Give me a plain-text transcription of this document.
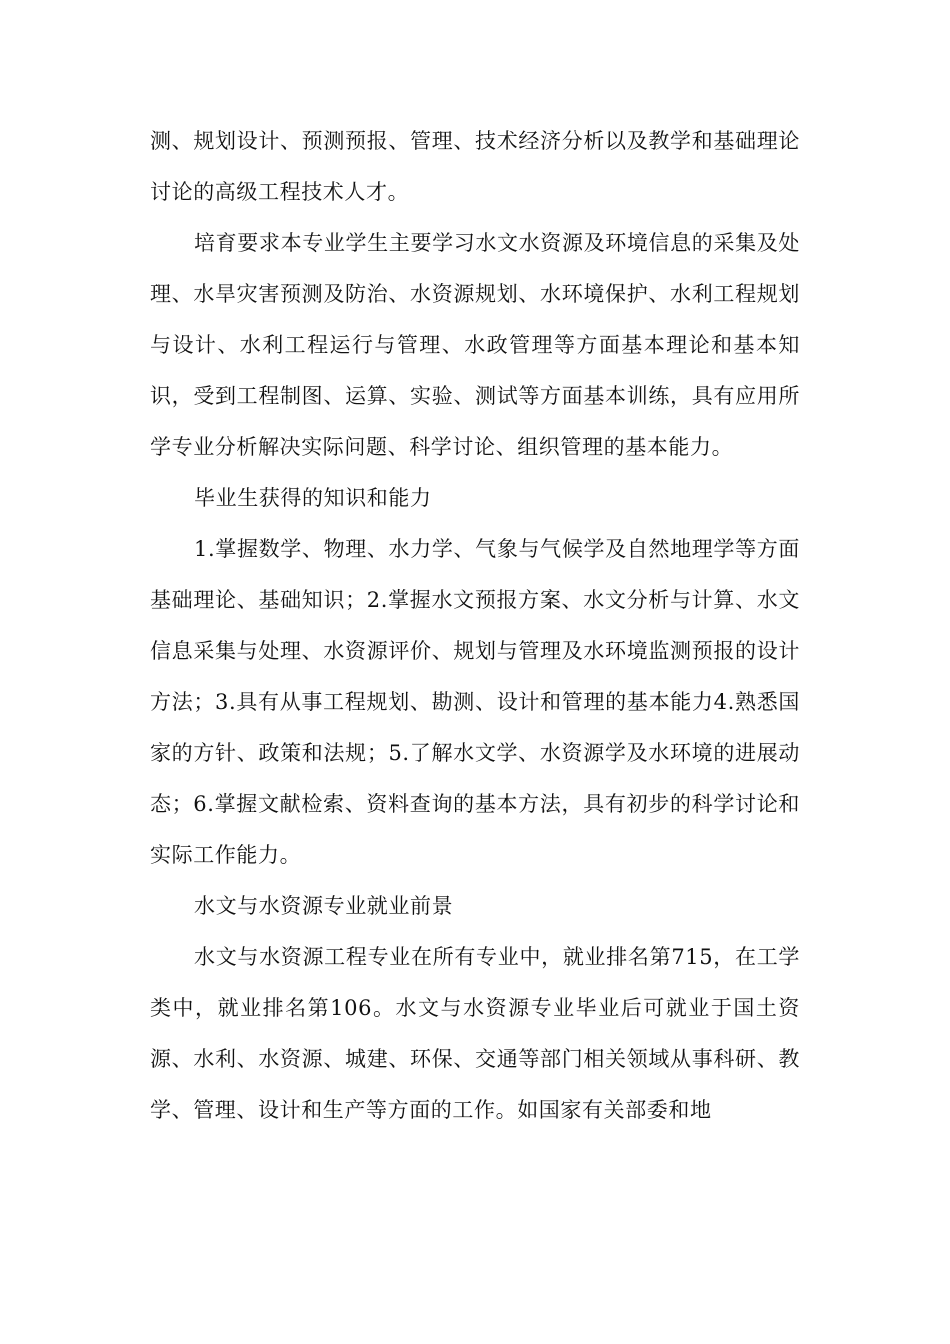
测、规划设计、预测预报、管理、技术经济分析以及教学和基础理论讨论的高级工程技术人才。

培育要求本专业学生主要学习水文水资源及环境信息的采集及处理、水旱灾害预测及防治、水资源规划、水环境保护、水利工程规划与设计、水利工程运行与管理、水政管理等方面基本理论和基本知识，受到工程制图、运算、实验、测试等方面基本训练，具有应用所学专业分析解决实际问题、科学讨论、组织管理的基本能力。

毕业生获得的知识和能力

1.掌握数学、物理、水力学、气象与气候学及自然地理学等方面基础理论、基础知识；2.掌握水文预报方案、水文分析与计算、水文信息采集与处理、水资源评价、规划与管理及水环境监测预报的设计方法；3.具有从事工程规划、勘测、设计和管理的基本能力4.熟悉国家的方针、政策和法规；5.了解水文学、水资源学及水环境的进展动态；6.掌握文献检索、资料查询的基本方法，具有初步的科学讨论和实际工作能力。

水文与水资源专业就业前景

水文与水资源工程专业在所有专业中，就业排名第715，在工学类中，就业排名第106。水文与水资源专业毕业后可就业于国土资源、水利、水资源、城建、环保、交通等部门相关领域从事科研、教学、管理、设计和生产等方面的工作。如国家有关部委和地
